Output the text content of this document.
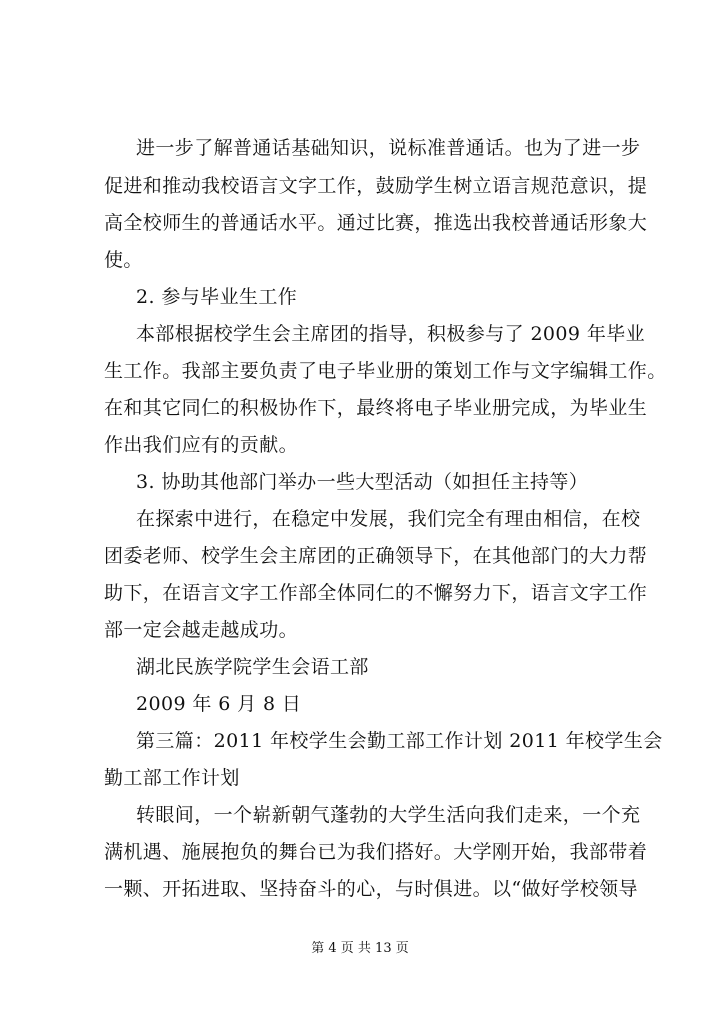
进一步了解普通话基础知识，说标准普通话。也为了进一步
促进和推动我校语言文字工作，鼓励学生树立语言规范意识，提
高全校师生的普通话水平。通过比赛，推选出我校普通话形象大
使。
2. 参与毕业生工作
本部根据校学生会主席团的指导，积极参与了 2009 年毕业
生工作。我部主要负责了电子毕业册的策划工作与文字编辑工作。
在和其它同仁的积极协作下，最终将电子毕业册完成，为毕业生
作出我们应有的贡献。
3. 协助其他部门举办一些大型活动（如担任主持等）
在探索中进行，在稳定中发展，我们完全有理由相信，在校
团委老师、校学生会主席团的正确领导下，在其他部门的大力帮
助下，在语言文字工作部全体同仁的不懈努力下，语言文字工作
部一定会越走越成功。
湖北民族学院学生会语工部
2009 年 6 月 8 日
第三篇：2011 年校学生会勤工部工作计划 2011 年校学生会
勤工部工作计划
转眼间，一个崭新朝气蓬勃的大学生活向我们走来，一个充
满机遇、施展抱负的舞台已为我们搭好。大学刚开始，我部带着
一颗、开拓进取、坚持奋斗的心，与时俱进。以“做好学校领导
第 4 页 共 13 页
